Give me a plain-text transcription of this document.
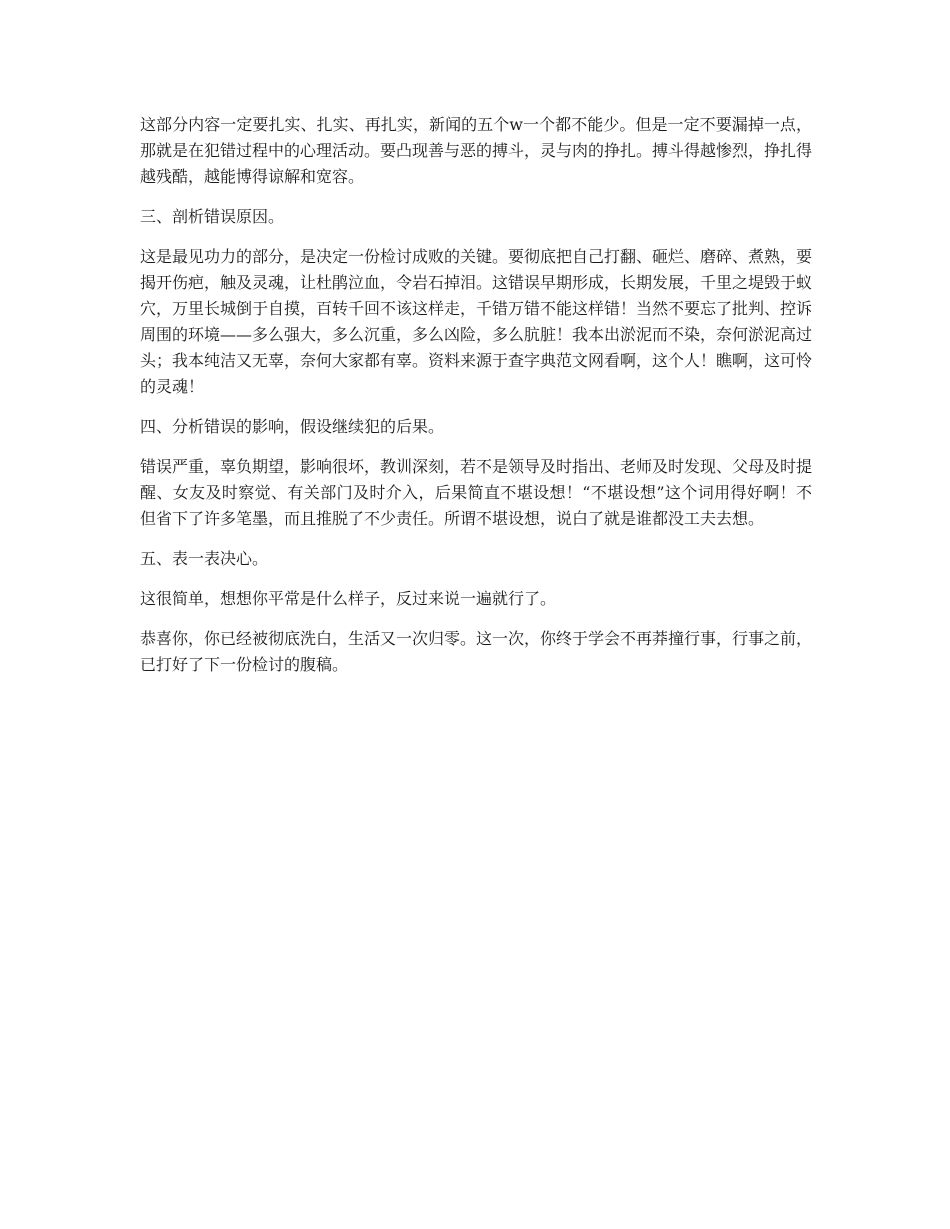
这部分内容一定要扎实、扎实、再扎实，新闻的五个w一个都不能少。但是一定不要漏掉一点，那就是在犯错过程中的心理活动。要凸现善与恶的搏斗，灵与肉的挣扎。搏斗得越惨烈，挣扎得越残酷，越能博得谅解和宽容。

三、剖析错误原因。

这是最见功力的部分，是决定一份检讨成败的关键。要彻底把自己打翻、砸烂、磨碎、煮熟，要揭开伤疤，触及灵魂，让杜鹃泣血，令岩石掉泪。这错误早期形成，长期发展，千里之堤毁于蚁穴，万里长城倒于自摸，百转千回不该这样走，千错万错不能这样错！当然不要忘了批判、控诉周围的环境——多么强大，多么沉重，多么凶险，多么肮脏！我本出淤泥而不染，奈何淤泥高过头；我本纯洁又无辜，奈何大家都有辜。资料来源于查字典范文网看啊，这个人！瞧啊，这可怜的灵魂！

四、分析错误的影响，假设继续犯的后果。

错误严重，辜负期望，影响很坏，教训深刻，若不是领导及时指出、老师及时发现、父母及时提醒、女友及时察觉、有关部门及时介入，后果简直不堪设想！“不堪设想”这个词用得好啊！不但省下了许多笔墨，而且推脱了不少责任。所谓不堪设想，说白了就是谁都没工夫去想。

五、表一表决心。

这很简单，想想你平常是什么样子，反过来说一遍就行了。

恭喜你，你已经被彻底洗白，生活又一次归零。这一次，你终于学会不再莽撞行事，行事之前，已打好了下一份检讨的腹稿。
